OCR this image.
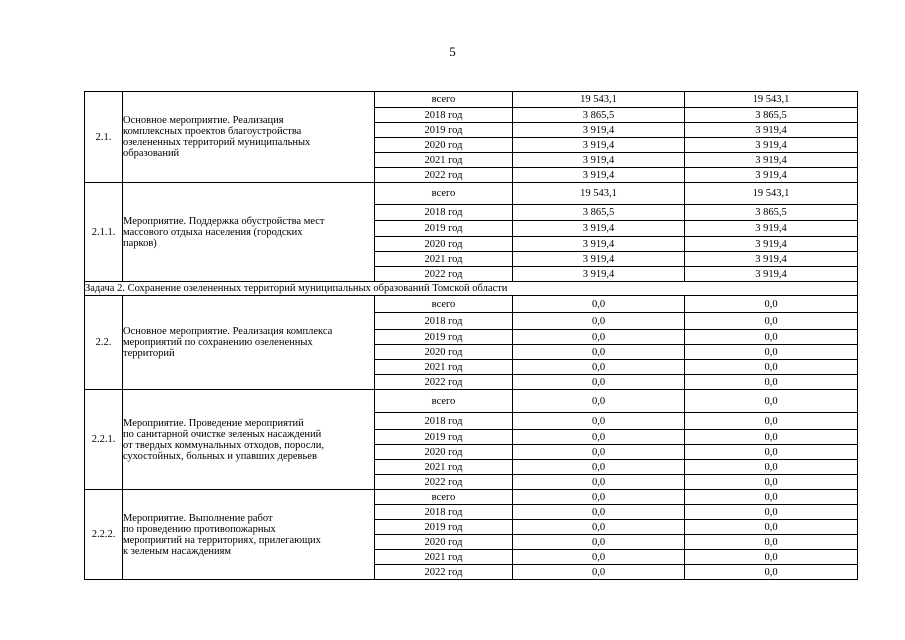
5
2.1.	Основное мероприятие. Реализация
комплексных проектов благоустройства
озелененных территорий муниципальных
образований	всего	19 543,1	19 543,1
		2018 год	3 865,5	3 865,5
		2019 год	3 919,4	3 919,4
		2020 год	3 919,4	3 919,4
		2021 год	3 919,4	3 919,4
		2022 год	3 919,4	3 919,4
2.1.1.	Мероприятие. Поддержка обустройства мест
массового отдыха населения (городских
парков)	всего	19 543,1	19 543,1
		2018 год	3 865,5	3 865,5
		2019 год	3 919,4	3 919,4
		2020 год	3 919,4	3 919,4
		2021 год	3 919,4	3 919,4
		2022 год	3 919,4	3 919,4
Задача 2. Сохранение озелененных территорий муниципальных образований Томской области				
2.2.	Основное мероприятие. Реализация комплекса
мероприятий по сохранению озелененных
территорий	всего	0,0	0,0
		2018 год	0,0	0,0
		2019 год	0,0	0,0
		2020 год	0,0	0,0
		2021 год	0,0	0,0
		2022 год	0,0	0,0
2.2.1.	Мероприятие. Проведение мероприятий
по санитарной очистке зеленых насаждений
от твердых коммунальных отходов, поросли,
сухостойных, больных и упавших деревьев	всего	0,0	0,0
		2018 год	0,0	0,0
		2019 год	0,0	0,0
		2020 год	0,0	0,0
		2021 год	0,0	0,0
		2022 год	0,0	0,0
2.2.2.	Мероприятие. Выполнение работ
по проведению противопожарных
мероприятий на территориях, прилегающих
к зеленым насаждениям	всего	0,0	0,0
		2018 год	0,0	0,0
		2019 год	0,0	0,0
		2020 год	0,0	0,0
		2021 год	0,0	0,0
		2022 год	0,0	0,0
